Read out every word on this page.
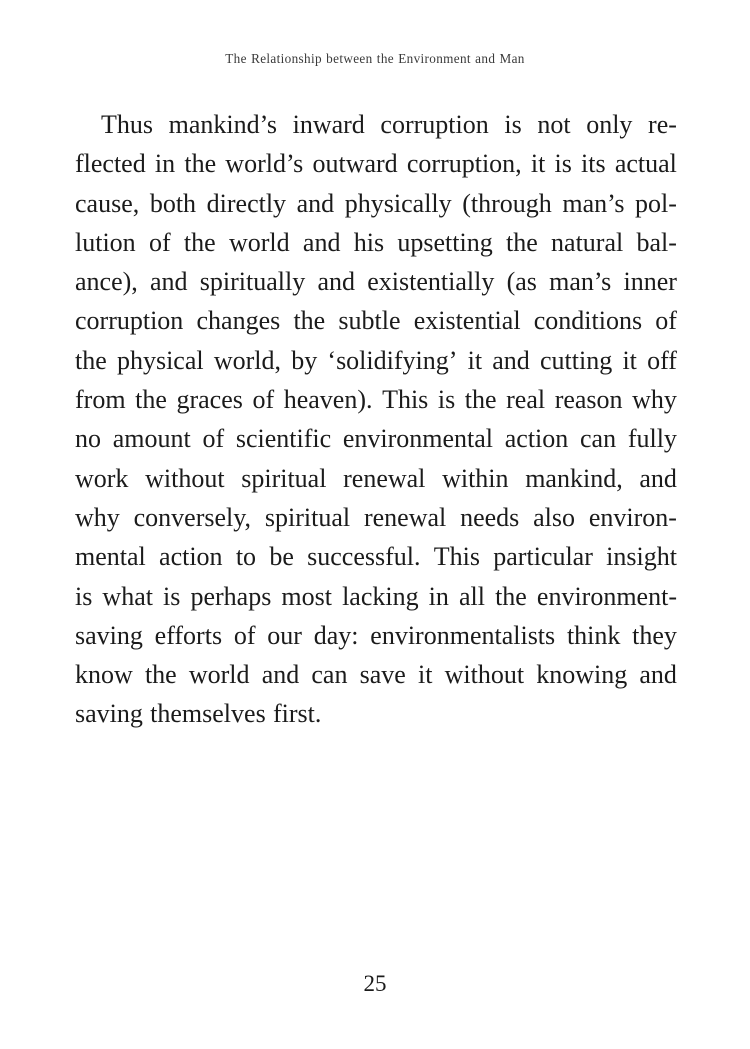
The Relationship between the Environment and Man
Thus mankind’s inward corruption is not only re-
flected in the world’s outward corruption, it is its actual
cause, both directly and physically (through man’s pol-
lution of the world and his upsetting the natural bal-
ance), and spiritually and existentially (as man’s inner
corruption changes the subtle existential conditions of
the physical world, by ‘solidifying’ it and cutting it off
from the graces of heaven). This is the real reason why
no amount of scientific environmental action can fully
work without spiritual renewal within mankind, and
why conversely, spiritual renewal needs also environ-
mental action to be successful. This particular insight
is what is perhaps most lacking in all the environment-
saving efforts of our day: environmentalists think they
know the world and can save it without knowing and
saving themselves first.
25
